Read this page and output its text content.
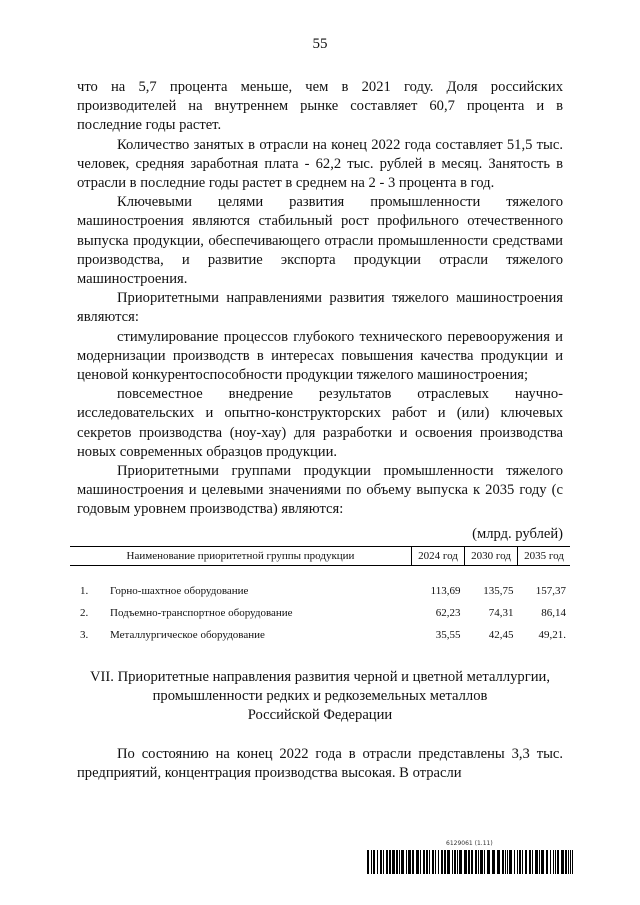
55

что на 5,7 процента меньше, чем в 2021 году. Доля российских производителей на внутреннем рынке составляет 60,7 процента и в последние годы растет.

Количество занятых в отрасли на конец 2022 года составляет 51,5 тыс. человек, средняя заработная плата - 62,2 тыс. рублей в месяц. Занятость в отрасли в последние годы растет в среднем на 2 - 3 процента в год.

Ключевыми целями развития промышленности тяжелого машиностроения являются стабильный рост профильного отечественного выпуска продукции, обеспечивающего отрасли промышленности средствами производства, и развитие экспорта продукции отрасли тяжелого машиностроения.

Приоритетными направлениями развития тяжелого машиностроения являются:

стимулирование процессов глубокого технического перевооружения и модернизации производств в интересах повышения качества продукции и ценовой конкурентоспособности продукции тяжелого машиностроения;

повсеместное внедрение результатов отраслевых научно-исследовательских и опытно-конструкторских работ и (или) ключевых секретов производства (ноу-хау) для разработки и освоения производства новых современных образцов продукции.

Приоритетными группами продукции промышленности тяжелого машиностроения и целевыми значениями по объему выпуска к 2035 году (с годовым уровнем производства) являются:

(млрд. рублей)
Наименование приоритетной группы продукции	2024 год	2030 год	2035 год

1. Горно-шахтное оборудование	113,69	135,75	157,37
2. Подъемно-транспортное оборудование	62,23	74,31	86,14
3. Металлургическое оборудование	35,55	42,45	49,21.
VII. Приоритетные направления развития черной и цветной металлургии,
промышленности редких и редкоземельных металлов
Российской Федерации

По состоянию на конец 2022 года в отрасли представлены 3,3 тыс. предприятий, концентрация производства высокая. В отрасли

6129061 (1.11)
